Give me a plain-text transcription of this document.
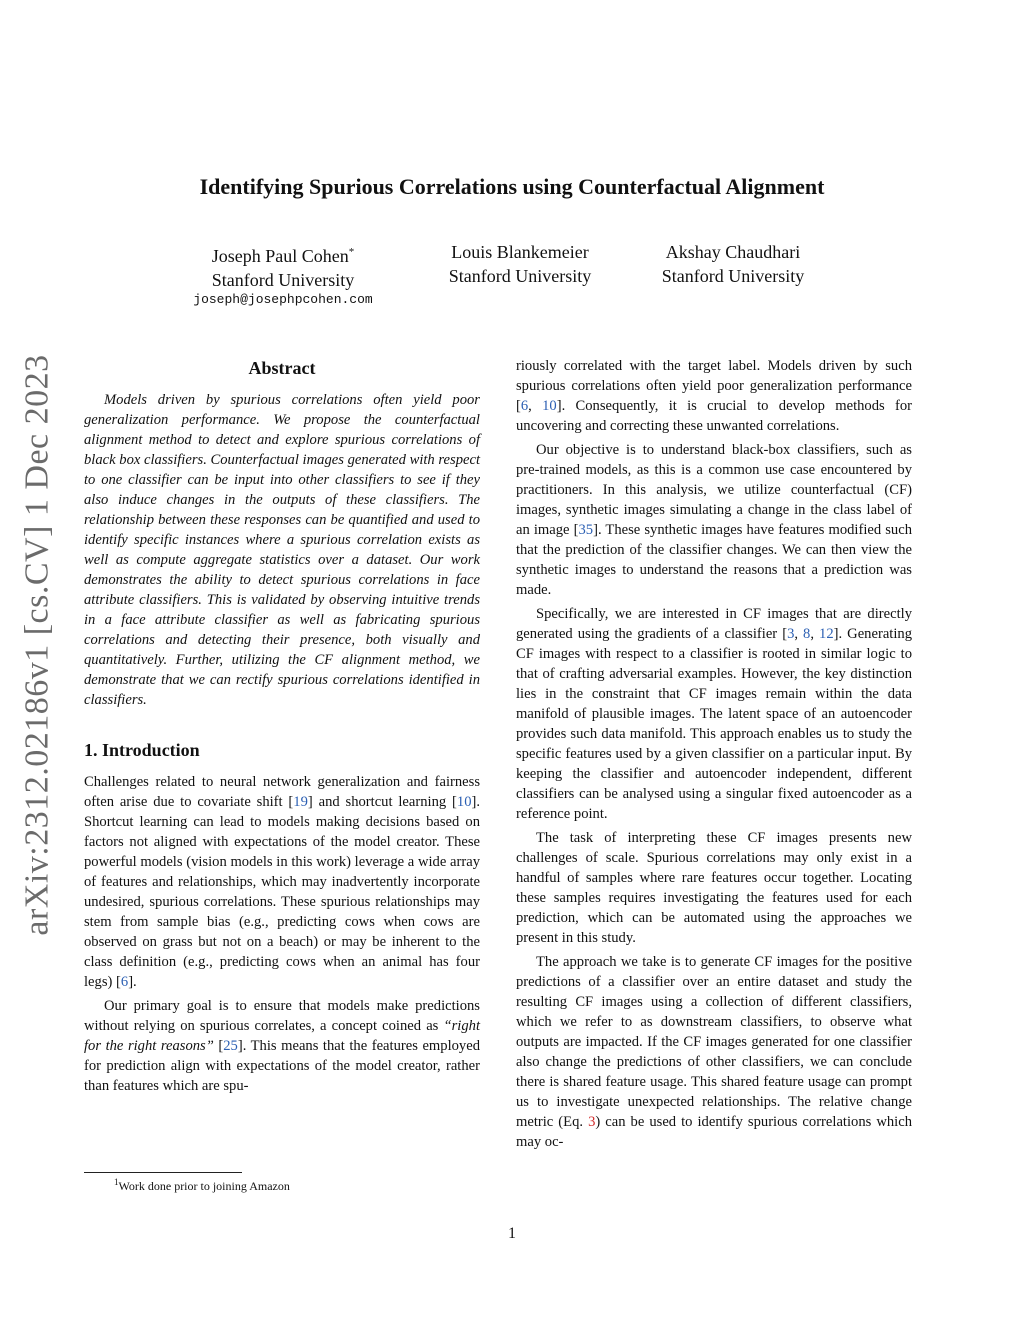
arXiv:2312.02186v1 [cs.CV] 1 Dec 2023
Identifying Spurious Correlations using Counterfactual Alignment
Joseph Paul Cohen*
Stanford University
Louis Blankemeier
Stanford University
Akshay Chaudhari
Stanford University
joseph@josephpcohen.com
Abstract

Models driven by spurious correlations often yield poor generalization performance. We propose the counterfactual alignment method to detect and explore spurious correlations of black box classifiers. Counterfactual images generated with respect to one classifier can be input into other classifiers to see if they also induce changes in the outputs of these classifiers. The relationship between these responses can be quantified and used to identify specific instances where a spurious correlation exists as well as compute aggregate statistics over a dataset. Our work demonstrates the ability to detect spurious correlations in face attribute classifiers. This is validated by observing intuitive trends in a face attribute classifier as well as fabricating spurious correlations and detecting their presence, both visually and quantitatively. Further, utilizing the CF alignment method, we demonstrate that we can rectify spurious correlations identified in classifiers.

1. Introduction

Challenges related to neural network generalization and fairness often arise due to covariate shift [19] and shortcut learning [10]. Shortcut learning can lead to models making decisions based on factors not aligned with expectations of the model creator. These powerful models (vision models in this work) leverage a wide array of features and relationships, which may inadvertently incorporate undesired, spurious correlations. These spurious relationships may stem from sample bias (e.g., predicting cows when cows are observed on grass but not on a beach) or may be inherent to the class definition (e.g., predicting cows when an animal has four legs) [6].

Our primary goal is to ensure that models make predictions without relying on spurious correlates, a concept coined as “right for the right reasons” [25]. This means that the features employed for prediction align with expectations of the model creator, rather than features which are spu-

riously correlated with the target label. Models driven by such spurious correlations often yield poor generalization performance [6, 10]. Consequently, it is crucial to develop methods for uncovering and correcting these unwanted correlations.

Our objective is to understand black-box classifiers, such as pre-trained models, as this is a common use case encountered by practitioners. In this analysis, we utilize counterfactual (CF) images, synthetic images simulating a change in the class label of an image [35]. These synthetic images have features modified such that the prediction of the classifier changes. We can then view the synthetic images to understand the reasons that a prediction was made.

Specifically, we are interested in CF images that are directly generated using the gradients of a classifier [3, 8, 12]. Generating CF images with respect to a classifier is rooted in similar logic to that of crafting adversarial examples. However, the key distinction lies in the constraint that CF images remain within the data manifold of plausible images. The latent space of an autoencoder provides such data manifold. This approach enables us to study the specific features used by a given classifier on a particular input. By keeping the classifier and autoencoder independent, different classifiers can be analysed using a singular fixed autoencoder as a reference point.

The task of interpreting these CF images presents new challenges of scale. Spurious correlations may only exist in a handful of samples where rare features occur together. Locating these samples requires investigating the features used for each prediction, which can be automated using the approaches we present in this study.

The approach we take is to generate CF images for the positive predictions of a classifier over an entire dataset and study the resulting CF images using a collection of different classifiers, which we refer to as downstream classifiers, to observe what outputs are impacted. If the CF images generated for one classifier also change the predictions of other classifiers, we can conclude there is shared feature usage. This shared feature usage can prompt us to investigate unexpected relationships. The relative change metric (Eq. 3) can be used to identify spurious correlations which may oc-

$^1$Work done prior to joining Amazon
1
